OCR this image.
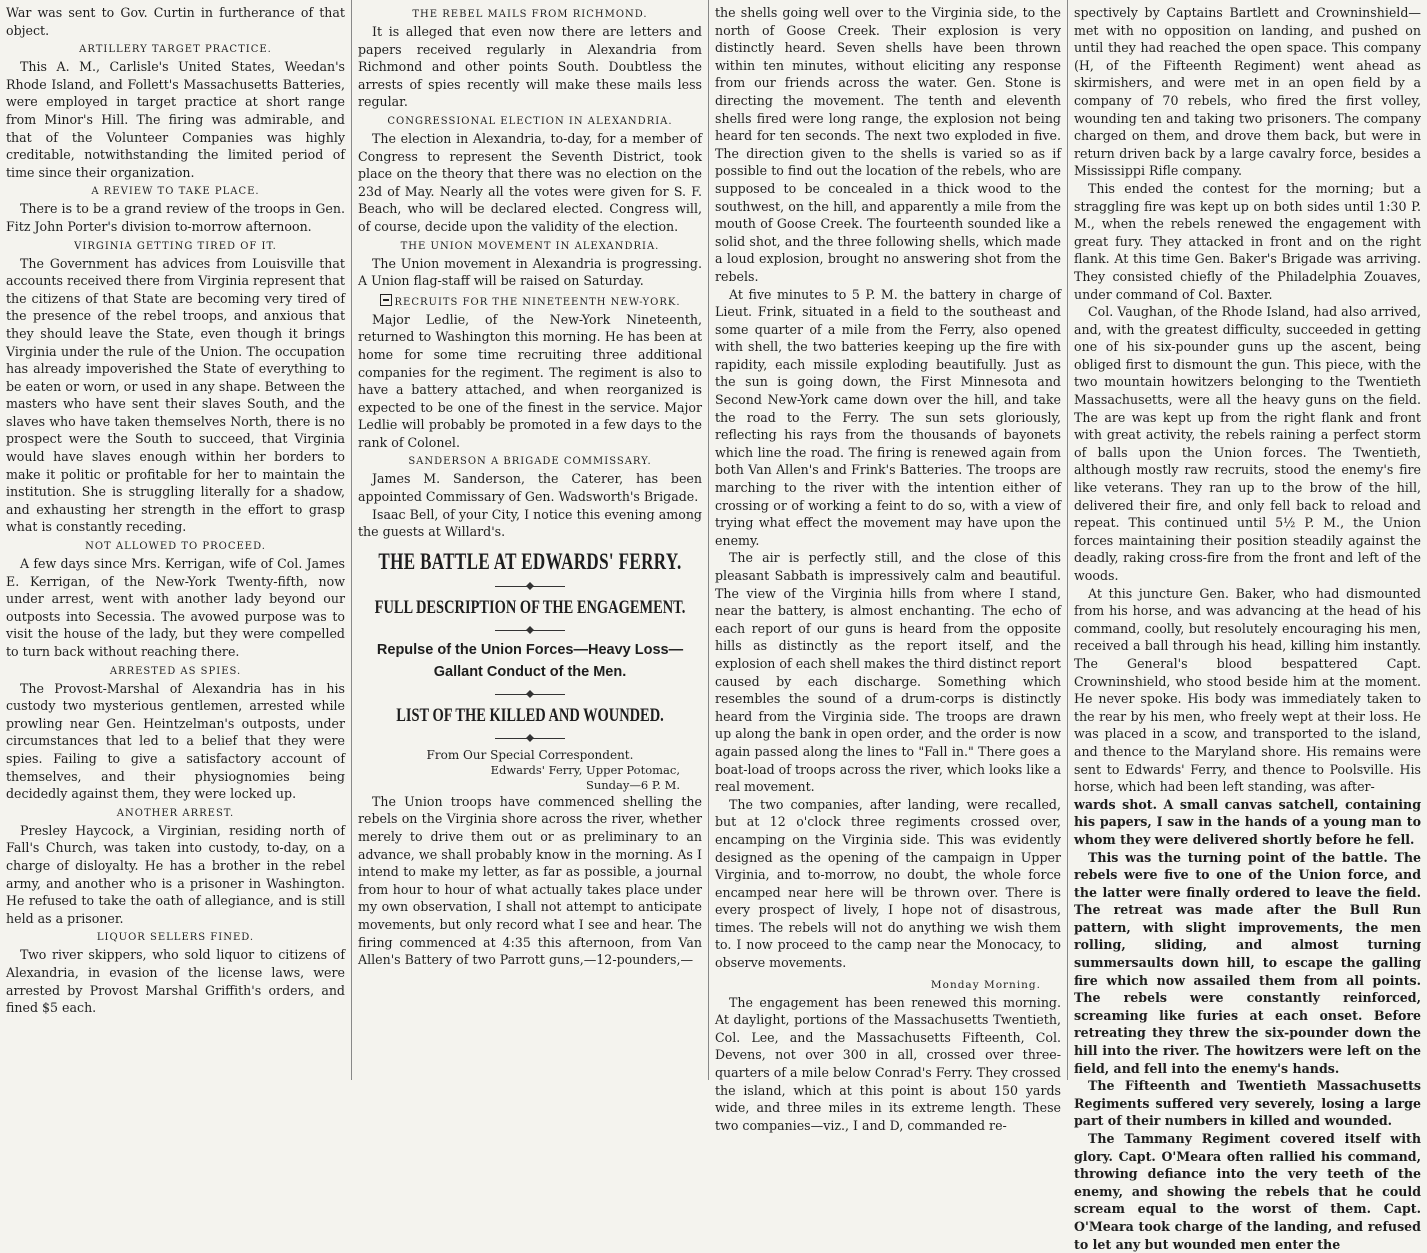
War was sent to Gov. Curtin in furtherance of that object.

ARTILLERY TARGET PRACTICE.

This A. M., Carlisle's United States, Weedan's Rhode Island, and Follett's Massachusetts Batteries, were employed in target practice at short range from Minor's Hill. The firing was admirable, and that of the Volunteer Companies was highly creditable, notwithstanding the limited period of time since their organization.

A REVIEW TO TAKE PLACE.

There is to be a grand review of the troops in Gen. Fitz John Porter's division to-morrow afternoon.

VIRGINIA GETTING TIRED OF IT.

The Government has advices from Louisville that accounts received there from Virginia represent that the citizens of that State are becoming very tired of the presence of the rebel troops, and anxious that they should leave the State, even though it brings Virginia under the rule of the Union. The occupation has already impoverished the State of everything to be eaten or worn, or used in any shape. Between the masters who have sent their slaves South, and the slaves who have taken themselves North, there is no prospect were the South to succeed, that Virginia would have slaves enough within her borders to make it politic or profitable for her to maintain the institution. She is struggling literally for a shadow, and exhausting her strength in the effort to grasp what is constantly receding.

NOT ALLOWED TO PROCEED.

A few days since Mrs. Kerrigan, wife of Col. James E. Kerrigan, of the New-York Twenty-fifth, now under arrest, went with another lady beyond our outposts into Secessia. The avowed purpose was to visit the house of the lady, but they were compelled to turn back without reaching there.

ARRESTED AS SPIES.

The Provost-Marshal of Alexandria has in his custody two mysterious gentlemen, arrested while prowling near Gen. Heintzelman's outposts, under circumstances that led to a belief that they were spies. Failing to give a satisfactory account of themselves, and their physiognomies being decidedly against them, they were locked up.

ANOTHER ARREST.

Presley Haycock, a Virginian, residing north of Fall's Church, was taken into custody, to-day, on a charge of disloyalty. He has a brother in the rebel army, and another who is a prisoner in Washington. He refused to take the oath of allegiance, and is still held as a prisoner.

LIQUOR SELLERS FINED.

Two river skippers, who sold liquor to citizens of Alexandria, in evasion of the license laws, were arrested by Provost Marshal Griffith's orders, and fined $5 each.

THE REBEL MAILS FROM RICHMOND.

It is alleged that even now there are letters and papers received regularly in Alexandria from Richmond and other points South. Doubtless the arrests of spies recently will make these mails less regular.

CONGRESSIONAL ELECTION IN ALEXANDRIA.

The election in Alexandria, to-day, for a member of Congress to represent the Seventh District, took place on the theory that there was no election on the 23d of May. Nearly all the votes were given for S. F. Beach, who will be declared elected. Congress will, of course, decide upon the validity of the election.

THE UNION MOVEMENT IN ALEXANDRIA.

The Union movement in Alexandria is progressing. A Union flag-staff will be raised on Saturday.

RECRUITS FOR THE NINETEENTH NEW-YORK.

Major Ledlie, of the New-York Nineteenth, returned to Washington this morning. He has been at home for some time recruiting three additional companies for the regiment. The regiment is also to have a battery attached, and when reorganized is expected to be one of the finest in the service. Major Ledlie will probably be promoted in a few days to the rank of Colonel.

SANDERSON A BRIGADE COMMISSARY.

James M. Sanderson, the Caterer, has been appointed Commissary of Gen. Wadsworth's Brigade.

Isaac Bell, of your City, I notice this evening among the guests at Willard's.

THE BATTLE AT EDWARDS' FERRY.
FULL DESCRIPTION OF THE ENGAGEMENT.
Repulse of the Union Forces—Heavy Loss—Gallant Conduct of the Men.
LIST OF THE KILLED AND WOUNDED.
From Our Special Correspondent.
Edwards' Ferry, Upper Potomac,
Sunday—6 P. M.

The Union troops have commenced shelling the rebels on the Virginia shore across the river, whether merely to drive them out or as preliminary to an advance, we shall probably know in the morning. As I intend to make my letter, as far as possible, a journal from hour to hour of what actually takes place under my own observation, I shall not attempt to anticipate movements, but only record what I see and hear. The firing commenced at 4:35 this afternoon, from Van Allen's Battery of two Parrott guns,—12-pounders,—

the shells going well over to the Virginia side, to the north of Goose Creek. Their explosion is very distinctly heard. Seven shells have been thrown within ten minutes, without eliciting any response from our friends across the water. Gen. Stone is directing the movement. The tenth and eleventh shells fired were long range, the explosion not being heard for ten seconds. The next two exploded in five. The direction given to the shells is varied so as if possible to find out the location of the rebels, who are supposed to be concealed in a thick wood to the southwest, on the hill, and apparently a mile from the mouth of Goose Creek. The fourteenth sounded like a solid shot, and the three following shells, which made a loud explosion, brought no answering shot from the rebels.

At five minutes to 5 P. M. the battery in charge of Lieut. Frink, situated in a field to the southeast and some quarter of a mile from the Ferry, also opened with shell, the two batteries keeping up the fire with rapidity, each missile exploding beautifully. Just as the sun is going down, the First Minnesota and Second New-York came down over the hill, and take the road to the Ferry. The sun sets gloriously, reflecting his rays from the thousands of bayonets which line the road. The firing is renewed again from both Van Allen's and Frink's Batteries. The troops are marching to the river with the intention either of crossing or of working a feint to do so, with a view of trying what effect the movement may have upon the enemy.

The air is perfectly still, and the close of this pleasant Sabbath is impressively calm and beautiful. The view of the Virginia hills from where I stand, near the battery, is almost enchanting. The echo of each report of our guns is heard from the opposite hills as distinctly as the report itself, and the explosion of each shell makes the third distinct report caused by each discharge. Something which resembles the sound of a drum-corps is distinctly heard from the Virginia side. The troops are drawn up along the bank in open order, and the order is now again passed along the lines to "Fall in." There goes a boat-load of troops across the river, which looks like a real movement.

The two companies, after landing, were recalled, but at 12 o'clock three regiments crossed over, encamping on the Virginia side. This was evidently designed as the opening of the campaign in Upper Virginia, and to-morrow, no doubt, the whole force encamped near here will be thrown over. There is every prospect of lively, I hope not of disastrous, times. The rebels will not do anything we wish them to. I now proceed to the camp near the Monocacy, to observe movements.

Monday Morning.

The engagement has been renewed this morning. At daylight, portions of the Massachusetts Twentieth, Col. Lee, and the Massachusetts Fifteenth, Col. Devens, not over 300 in all, crossed over three-quarters of a mile below Conrad's Ferry. They crossed the island, which at this point is about 150 yards wide, and three miles in its extreme length. These two companies—viz., I and D, commanded re-

spectively by Captains Bartlett and Crowninshield—met with no opposition on landing, and pushed on until they had reached the open space. This company (H, of the Fifteenth Regiment) went ahead as skirmishers, and were met in an open field by a company of 70 rebels, who fired the first volley, wounding ten and taking two prisoners. The company charged on them, and drove them back, but were in return driven back by a large cavalry force, besides a Mississippi Rifle company.

This ended the contest for the morning; but a straggling fire was kept up on both sides until 1:30 P. M., when the rebels renewed the engagement with great fury. They attacked in front and on the right flank. At this time Gen. Baker's Brigade was arriving. They consisted chiefly of the Philadelphia Zouaves, under command of Col. Baxter.

Col. Vaughan, of the Rhode Island, had also arrived, and, with the greatest difficulty, succeeded in getting one of his six-pounder guns up the ascent, being obliged first to dismount the gun. This piece, with the two mountain howitzers belonging to the Twentieth Massachusetts, were all the heavy guns on the field. The are was kept up from the right flank and front with great activity, the rebels raining a perfect storm of balls upon the Union forces. The Twentieth, although mostly raw recruits, stood the enemy's fire like veterans. They ran up to the brow of the hill, delivered their fire, and only fell back to reload and repeat. This continued until 5½ P. M., the Union forces maintaining their position steadily against the deadly, raking cross-fire from the front and left of the woods.

At this juncture Gen. Baker, who had dismounted from his horse, and was advancing at the head of his command, coolly, but resolutely encouraging his men, received a ball through his head, killing him instantly. The General's blood bespattered Capt. Crowninshield, who stood beside him at the moment. He never spoke. His body was immediately taken to the rear by his men, who freely wept at their loss. He was placed in a scow, and transported to the island, and thence to the Maryland shore. His remains were sent to Edwards' Ferry, and thence to Poolsville. His horse, which had been left standing, was after-

wards shot. A small canvas satchell, containing his papers, I saw in the hands of a young man to whom they were delivered shortly before he fell.

This was the turning point of the battle. The rebels were five to one of the Union force, and the latter were finally ordered to leave the field. The retreat was made after the Bull Run pattern, with slight improvements, the men rolling, sliding, and almost turning summersaults down hill, to escape the galling fire which now assailed them from all points. The rebels were constantly reinforced, screaming like furies at each onset. Before retreating they threw the six-pounder down the hill into the river. The howitzers were left on the field, and fell into the enemy's hands.

The Fifteenth and Twentieth Massachusetts Regiments suffered very severely, losing a large part of their numbers in killed and wounded.

The Tammany Regiment covered itself with glory. Capt. O'Meara often rallied his command, throwing defiance into the very teeth of the enemy, and showing the rebels that he could scream equal to the worst of them. Capt. O'Meara took charge of the landing, and refused to let any but wounded men enter the
